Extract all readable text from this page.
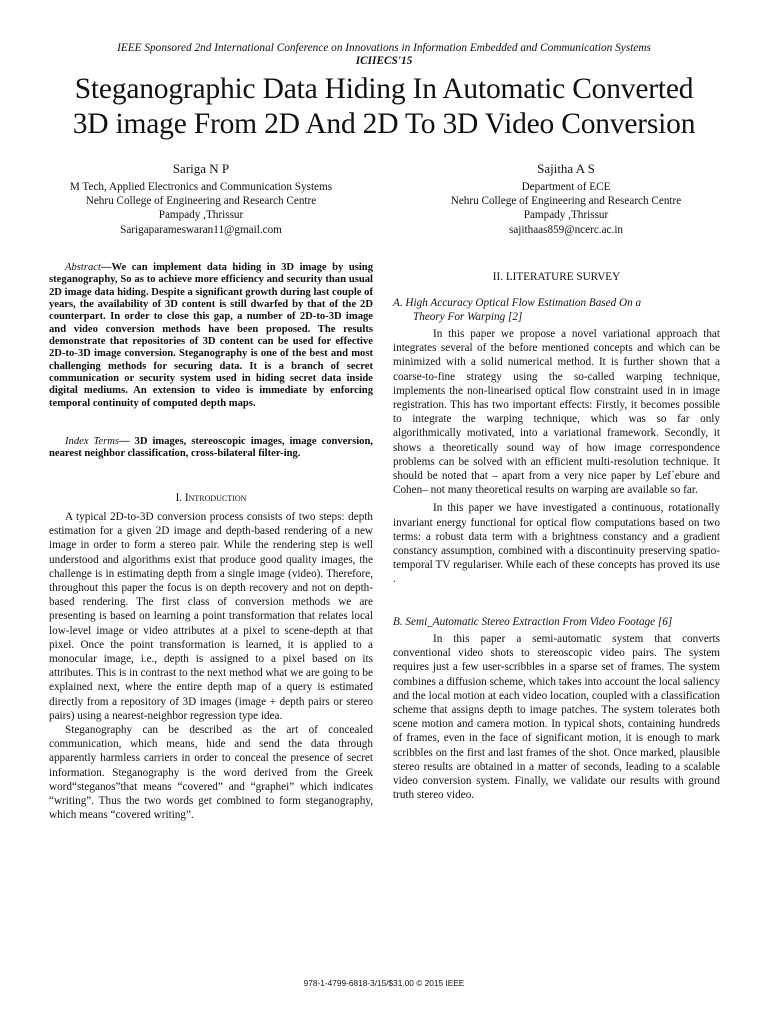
IEEE Sponsored 2nd International Conference on Innovations in Information Embedded and Communication Systems
ICIIECS'15
Steganographic Data Hiding In Automatic Converted
3D image From 2D And 2D To 3D Video Conversion
Sariga N P
M Tech, Applied Electronics and Communication Systems
Nehru College of Engineering and Research Centre
Pampady ,Thrissur
Sarigaparameswaran11@gmail.com
Sajitha A S
Department of ECE
Nehru College of Engineering and Research Centre
Pampady ,Thrissur
sajithaas859@ncerc.ac.in

Abstract—We can implement data hiding in 3D image by using steganography, So as to achieve more efficiency and security than usual 2D image data hiding. Despite a significant growth during last couple of years, the availability of 3D content is still dwarfed by that of the 2D counterpart. In order to close this gap, a number of 2D-to-3D image and video conversion methods have been proposed. The results demonstrate that repositories of 3D content can be used for effective 2D-to-3D image conversion. Steganography is one of the best and most challenging methods for securing data. It is a branch of secret communication or security system used in hiding secret data inside digital mediums. An extension to video is immediate by enforcing temporal continuity of computed depth maps.

Index Terms— 3D images, stereoscopic images, image conversion, nearest neighbor classification, cross-bilateral filter-ing.

I. Introduction

A typical 2D-to-3D conversion process consists of two steps: depth estimation for a given 2D image and depth-based rendering of a new image in order to form a stereo pair. While the rendering step is well understood and algorithms exist that produce good quality images, the challenge is in estimating depth from a single image (video). Therefore, throughout this paper the focus is on depth recovery and not on depth-based rendering. The first class of conversion methods we are presenting is based on learning a point transformation that relates local low-level image or video attributes at a pixel to scene-depth at that pixel. Once the point transformation is learned, it is applied to a monocular image, i.e., depth is assigned to a pixel based on its attributes. This is in contrast to the next method what we are going to be explained next, where the entire depth map of a query is estimated directly from a repository of 3D images (image + depth pairs or stereo pairs) using a nearest-neighbor regression type idea.

Steganography can be described as the art of concealed communication, which means, hide and send the data through apparently harmless carriers in order to conceal the presence of secret information. Steganography is the word derived from the Greek word“steganos”that means “covered” and “graphei” which indicates “writing”. Thus the two words get combined to form steganography, which means “covered writing”.

II. LITERATURE SURVEY
A. High Accuracy Optical Flow Estimation Based On a
Theory For Warping [2]

In this paper we propose a novel variational approach that integrates several of the before mentioned concepts and which can be minimized with a solid numerical method. It is further shown that a coarse-to-fine strategy using the so-called warping technique, implements the non-linearised optical flow constraint used in in image registration. This has two important effects: Firstly, it becomes possible to integrate the warping technique, which was so far only algorithmically motivated, into a variational framework. Secondly, it shows a theoretically sound way of how image correspondence problems can be solved with an efficient multi-resolution technique. It should be noted that – apart from a very nice paper by Lef´ebure and Cohen– not many theoretical results on warping are available so far.

In this paper we have investigated a continuous, rotationally invariant energy functional for optical flow computations based on two terms: a robust data term with a brightness constancy and a gradient constancy assumption, combined with a discontinuity preserving spatio-temporal TV regulariser. While each of these concepts has proved its use .

B. Semi_Automatic Stereo Extraction From Video Footage [6]

In this paper a semi-automatic system that converts conventional video shots to stereoscopic video pairs. The system requires just a few user-scribbles in a sparse set of frames. The system combines a diffusion scheme, which takes into account the local saliency and the local motion at each video location, coupled with a classification scheme that assigns depth to image patches. The system tolerates both scene motion and camera motion. In typical shots, containing hundreds of frames, even in the face of significant motion, it is enough to mark scribbles on the first and last frames of the shot. Once marked, plausible stereo results are obtained in a matter of seconds, leading to a scalable video conversion system. Finally, we validate our results with ground truth stereo video.

978-1-4799-6818-3/15/$31.00 © 2015 IEEE
